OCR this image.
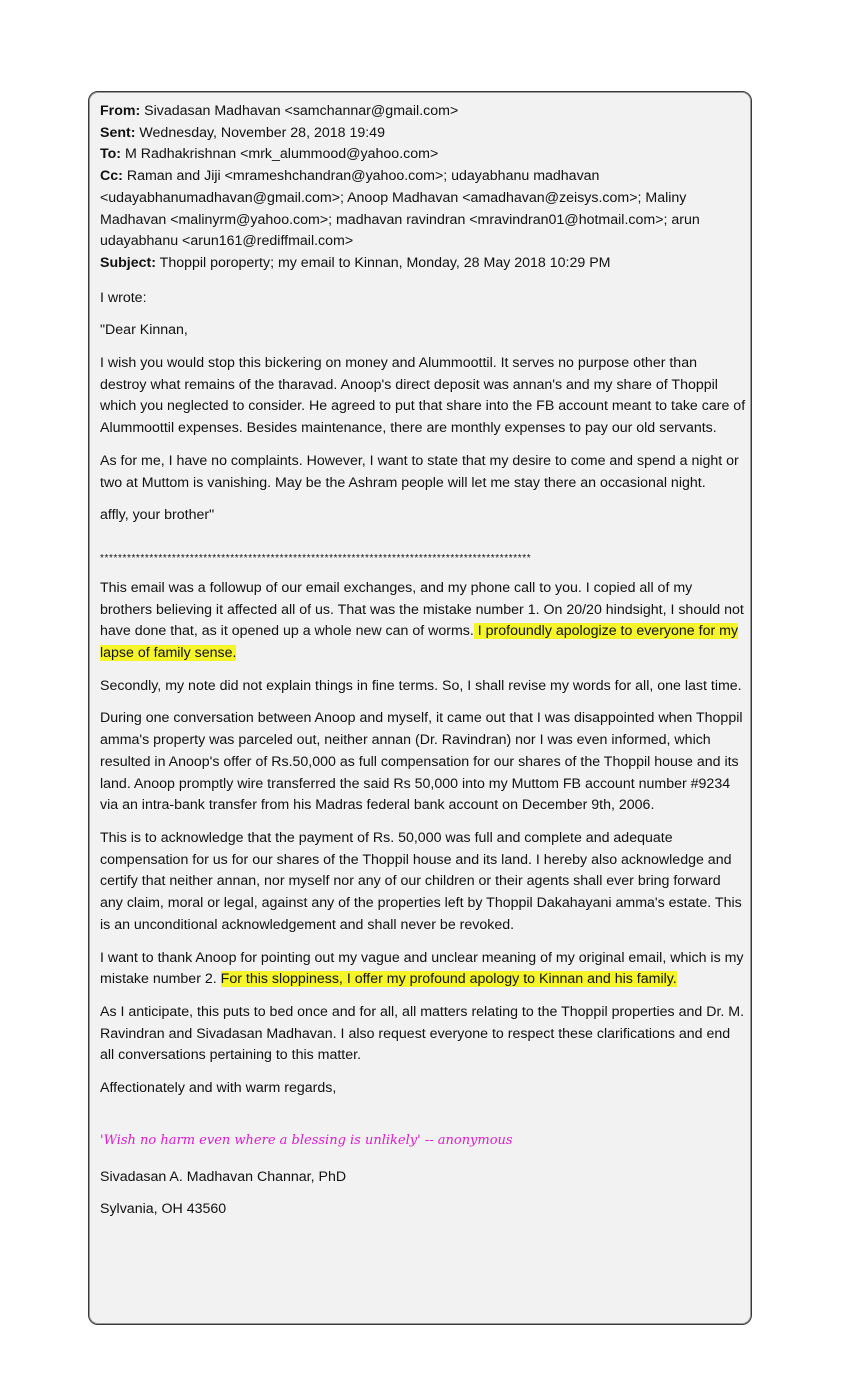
From: Sivadasan Madhavan <samchannar@gmail.com>

Sent: Wednesday, November 28, 2018 19:49

To: M Radhakrishnan <mrk_alummood@yahoo.com>

Cc: Raman and Jiji <mrameshchandran@yahoo.com>; udayabhanu madhavan <udayabhanumadhavan@gmail.com>; Anoop Madhavan <amadhavan@zeisys.com>; Maliny Madhavan <malinyrm@yahoo.com>; madhavan ravindran <mravindran01@hotmail.com>; arun udayabhanu <arun161@rediffmail.com>

Subject: Thoppil poroperty; my email to Kinnan, Monday, 28 May 2018 10:29 PM

I wrote:

"Dear Kinnan,

I wish you would stop this bickering on money and Alummoottil. It serves no purpose other than destroy what remains of the tharavad. Anoop's direct deposit was annan's and my share of Thoppil which you neglected to consider. He agreed to put that share into the FB account meant to take care of Alummoottil expenses. Besides maintenance, there are monthly expenses to pay our old servants.

As for me, I have no complaints. However, I want to state that my desire to come and spend a night or two at Muttom is vanishing. May be the Ashram people will let me stay there an occasional night.

affly, your brother"

************************************************************************************************

This email was a followup of our email exchanges, and my phone call to you. I copied all of my brothers believing it affected all of us. That was the mistake number 1. On 20/20 hindsight, I should not have done that, as it opened up a whole new can of worms. I profoundly apologize to everyone for my lapse of family sense.

Secondly, my note did not explain things in fine terms. So, I shall revise my words for all, one last time.

During one conversation between Anoop and myself, it came out that I was disappointed when Thoppil amma's property was parceled out, neither annan (Dr. Ravindran) nor I was even informed, which resulted in Anoop's offer of Rs.50,000 as full compensation for our shares of the Thoppil house and its land. Anoop promptly wire transferred the said Rs 50,000 into my Muttom FB account number #9234 via an intra-bank transfer from his Madras federal bank account on December 9th, 2006.

This is to acknowledge that the payment of Rs. 50,000 was full and complete and adequate compensation for us for our shares of the Thoppil house and its land. I hereby also acknowledge and certify that neither annan, nor myself nor any of our children or their agents shall ever bring forward any claim, moral or legal, against any of the properties left by Thoppil Dakahayani amma's estate. This is an unconditional acknowledgement and shall never be revoked.

I want to thank Anoop for pointing out my vague and unclear meaning of my original email, which is my mistake number 2. For this sloppiness, I offer my profound apology to Kinnan and his family.

As I anticipate, this puts to bed once and for all, all matters relating to the Thoppil properties and Dr. M. Ravindran and Sivadasan Madhavan. I also request everyone to respect these clarifications and end all conversations pertaining to this matter.

Affectionately and with warm regards,

'Wish no harm even where a blessing is unlikely' -- anonymous

Sivadasan A. Madhavan Channar, PhD

Sylvania, OH 43560
